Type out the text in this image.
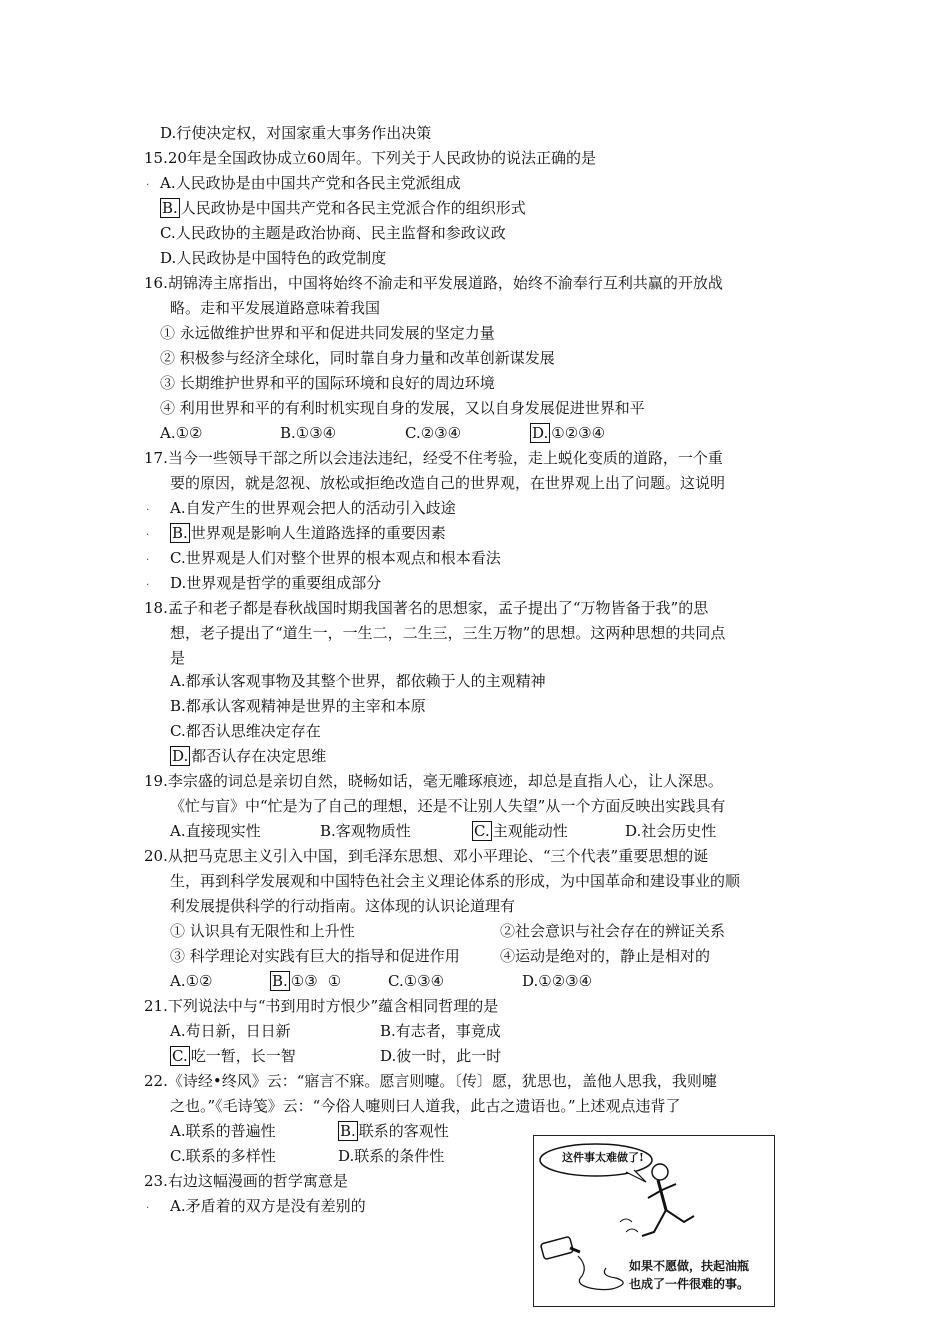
D.行使决定权，对国家重大事务作出决策
15.20年是全国政协成立60周年。下列关于人民政协的说法正确的是
A.人民政协是由中国共产党和各民主党派组成
B. 人民政协是中国共产党和各民主党派合作的组织形式
C.人民政协的主题是政治协商、民主监督和参政议政
D.人民政协是中国特色的政党制度
16.胡锦涛主席指出，中国将始终不渝走和平发展道路，始终不渝奉行互利共赢的开放战
略。走和平发展道路意味着我国
① 永远做维护世界和平和促进共同发展的坚定力量
② 积极参与经济全球化，同时靠自身力量和改革创新谋发展
③ 长期维护世界和平的国际环境和良好的周边环境
④ 利用世界和平的有利时机实现自身的发展，又以自身发展促进世界和平
A.①②	B.①③④	C.②③④	D. ①②③④
17.当今一些领导干部之所以会违法违纪，经受不住考验，走上蜕化变质的道路，一个重
要的原因，就是忽视、放松或拒绝改造自己的世界观，在世界观上出了问题。这说明
A.自发产生的世界观会把人的活动引入歧途
B. 世界观是影响人生道路选择的重要因素
C.世界观是人们对整个世界的根本观点和根本看法
D.世界观是哲学的重要组成部分
18.孟子和老子都是春秋战国时期我国著名的思想家，孟子提出了“万物皆备于我”的思
想，老子提出了“道生一，一生二，二生三，三生万物”的思想。这两种思想的共同点
是
A.都承认客观事物及其整个世界，都依赖于人的主观精神
B.都承认客观精神是世界的主宰和本原
C.都否认思维决定存在
D. 都否认存在决定思维
19.李宗盛的词总是亲切自然，晓畅如话，毫无雕琢痕迹，却总是直指人心，让人深思。
《忙与盲》中“忙是为了自己的理想，还是不让别人失望”从一个方面反映出实践具有
A.直接现实性	B.客观物质性	C. 主观能动性	D.社会历史性
20.从把马克思主义引入中国，到毛泽东思想、邓小平理论、“三个代表”重要思想的诞
生，再到科学发展观和中国特色社会主义理论体系的形成，为中国革命和建设事业的顺
利发展提供科学的行动指南。这体现的认识论道理有
① 认识具有无限性和上升性	②社会意识与社会存在的辨证关系
③ 科学理论对实践有巨大的指导和促进作用	④运动是绝对的，静止是相对的
A.①②	B. ①③ ①	C.①③④	D.①②③④
21.下列说法中与“书到用时方恨少”蕴含相同哲理的是
A.苟日新，日日新	B.有志者，事竟成
C. 吃一暂，长一智	D.彼一时，此一时
22.《诗经•终风》云：“寤言不寐。愿言则嚏。〔传〕愿，犹思也，盖他人思我，我则嚏
之也。”《毛诗笺》云：“今俗人嚏则曰人道我，此古之遗语也。”上述观点违背了
A.联系的普遍性	B. 联系的客观性
C.联系的多样性	D.联系的条件性
23.右边这幅漫画的哲学寓意是
A.矛盾着的双方是没有差别的
·
·
·
·
·
·
这件事太难做了!
如果不愿做，扶起油瓶
也成了一件很难的事。
